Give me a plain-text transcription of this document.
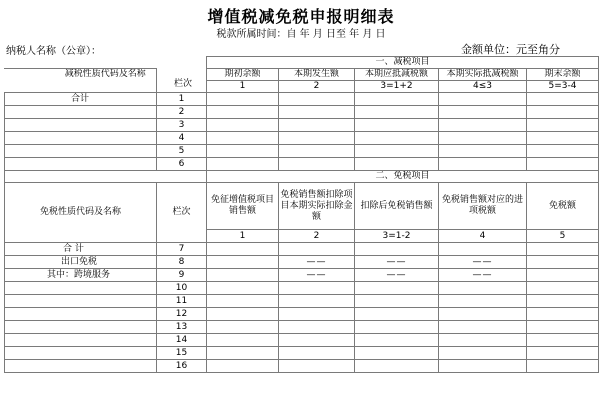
增值税减免税申报明细表
税款所属时间：自 年 月 日至 年 月 日
纳税人名称（公章）：	金额单位：元至角分
减税性质代码及名称		一、减税项目				
		期初余额	本期发生额	本期应抵减税额	本期实际抵减税额	期末余额
		1	2	3=1+2	4≤3	5=3-4
合计	1					
	2					
	3					
	4					
	5					
	6					
		二、免税项目				
免税性质代码及名称	栏次	免征增值税项目销售额	免税销售额扣除项目本期实际扣除金额	扣除后免税销售额	免税销售额对应的进项税额	免税额
		1	2	3=1-2	4	5
合 计	7					
出口免税	8		——	——	——	
其中：跨境服务	9		——	——	——	
	10					
	11					
	12					
	13					
	14					
	15					
	16					
栏次
